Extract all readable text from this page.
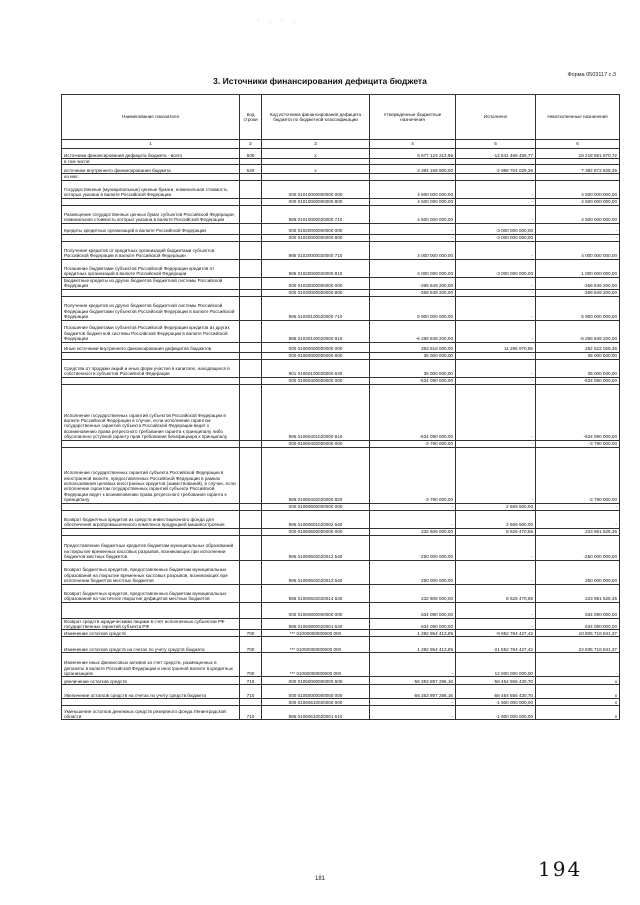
˙ · ˙ ·
Форма 0503117 с.3
3. Источники финансирования дефицита бюджета
Наименование показателя	Код строки	Код источника финансирования дефицита бюджета по бюджетной классификации	Утвержденные бюджетные назначения	Исполнено	Неисполненные назначения
1	2	3	4	5	6
Источники финансирования дефицита бюджета - всего	500	x	5 677 123 213,96	-12 541 468 456,77	18 218 591 670,72
в том числе:					
источники внутреннего финансирования бюджета	520	x	4 394 168 800,00	-2 988 704 029,35	7 382 872 829,35
из них:					
Государственные (муниципальные) ценные бумаги, номинальная стоимость которых указана в валюте Российской Федерации		000 01010000000000 000	4 500 000 000,00	-	4 500 000 000,00
		000 01010000000000 800	4 500 000 000,00	-	4 500 000 000,00
Размещение государственных ценных бумаг субъектов Российской Федерации, номинальная стоимость которых указана в валюте Российской Федерации		985 01010000020000 710	4 500 000 000,00	-	4 500 000 000,00
Кредиты кредитных организаций в валюте Российской Федерации		000 01020000000000 000	-	-3 000 000 000,00	-
		000 01020000000000 800	-	-3 000 000 000,00	-
Получение кредитов от кредитных организаций бюджетами субъектов Российской Федерации в валюте Российской Федерации		985 01020000020000 710	4 000 000 000,00	-	4 000 000 000,00
Погашение бюджетами субъектов Российской Федерации кредитов от кредитных организаций в валюте Российской Федерации		985 01020000020000 810	4 000 000 000,00	-3 000 000 000,00	1 000 000 000,00
Бюджетные кредиты из других бюджетов бюджетной системы Российской Федерации		000 01030000000000 000	-369 849 200,00	-	-369 849 200,00
		000 01030000000000 800	-369 849 200,00	-	-369 849 200,00
Получение кредитов из других бюджетов бюджетной системы Российской Федерации бюджетами субъектов Российской Федерации в валюте Российской Федерации		985 01030100020000 710	5 900 000 000,00	-	5 900 000 000,00
Погашение бюджетами субъектов Российской Федерации кредитов из других бюджетов бюджетной системы Российской Федерации в валюте Российской Федерации		985 01030100020000 810	-6 269 849 200,00	-	-6 269 849 200,00
Иные источники внутреннего финансирования дефицитов бюджетов		000 01060000000000 000	263 818 000,00	11 295 970,65	252 522 029,35
		000 01060000000000 800	35 000 000,00	-	35 000 000,00
Средства от продажи акций и иных форм участия в капитале, находящихся в собственности субъектов Российской Федерации		801 01060100020000 630	35 000 000,00	-	35 000 000,00
		000 01060400000000 000	-634 090 000,00	-	-634 090 000,00
Исполнение государственных гарантий субъектов Российской Федерации в валюте Российской Федерации в случае, если исполнение гарантом государственных гарантий субъекта Российской Федерации ведет к возникновению права регрессного требования гаранта к принципалу либо обусловлено уступкой гаранту прав требования бенефициара к принципалу		985 01060401020000 810	-634 090 000,00	-	-634 090 000,00
		000 01060402000000 000	-3 790 000,00	-	-3 790 000,00
Исполнение государственных гарантий субъекта Российской Федерации в иностранной валюте, предоставленных Российской Федерации в рамках использования целевых иностранных кредитов (заимствований), в случае, если исполнение гарантом государственных гарантий субъекта Российской Федерации ведет к возникновению права регрессного требования гаранта к принципалу		985 01060402020000 820	-3 790 000,00	-	-3 790 000,00
		000 01060600000000 000	-	2 669 500,00	-
Возврат бюджетных кредитов из средств инвестиционного фонда для обеспечения агропромышленного комплекса продукцией машиностроения		985 01060601020002 640	-	2 669 500,00	-
		000 01060500000000 000	232 608 000,00	8 626 470,65	223 981 529,35
Предоставление бюджетных кредитов бюджетам муниципальных образований на покрытие временных кассовых разрывов, возникающих при исполнении бюджетов местных бюджетов		985 01060502020012 540	-250 000 000,00	-	-250 000 000,00
Возврат бюджетных кредитов, предоставленных бюджетам муниципальных образований на покрытие временных кассовых разрывов, возникающих при исполнении бюджетов местных бюджетов		985 01060502020012 640	250 000 000,00	-	250 000 000,00
Возврат бюджетных кредитов, предоставленных бюджетам муниципальных образований на частичное покрытие дефицитов местных бюджетов		985 01060502020014 640	232 608 000,00	8 626 470,65	223 981 529,35
		000 01060800000000 000	634 090 000,00	-	634 090 000,00
Возврат средств юридическими лицами в счет исполненных субъектом РФ государственных гарантий субъекта РФ		985 01060800020001 640	634 090 000,00	-	634 090 000,00
Изменение остатков средств	700	*** 01000000000000 000	1 282 954 413,95	-9 652 764 427,42	10 805 718 841,37
Изменение остатков средств на счетах по учету средств бюджета	700	*** 01050000000000 000	1 282 954 413,95	-21 552 764 427,42	22 835 718 841,37
Изменение иных финансовых активов за счет средств, размещенных в депозиты в валюте Российской Федерации и иностранной валюте в кредитных организациях	700	*** 01060000000000 000	-	12 000 000 000,00	-
увеличение остатков средств	710	000 01050000000000 500	-56 353 897 296,16	-56 454 556 430,70	x
Увеличение остатков средств на счетах по учету средств бюджета	710	000 01050000000000 000	-56 353 897 296,16	-56 454 556 430,70	x
		000 01060610020000 000	-	-1 600 000 000,00	x
Уменьшение остатков денежных средств резервного фонда Ленинградской области	710	985 01060610020001 510	-	-1 600 000 000,00	x
181	194
